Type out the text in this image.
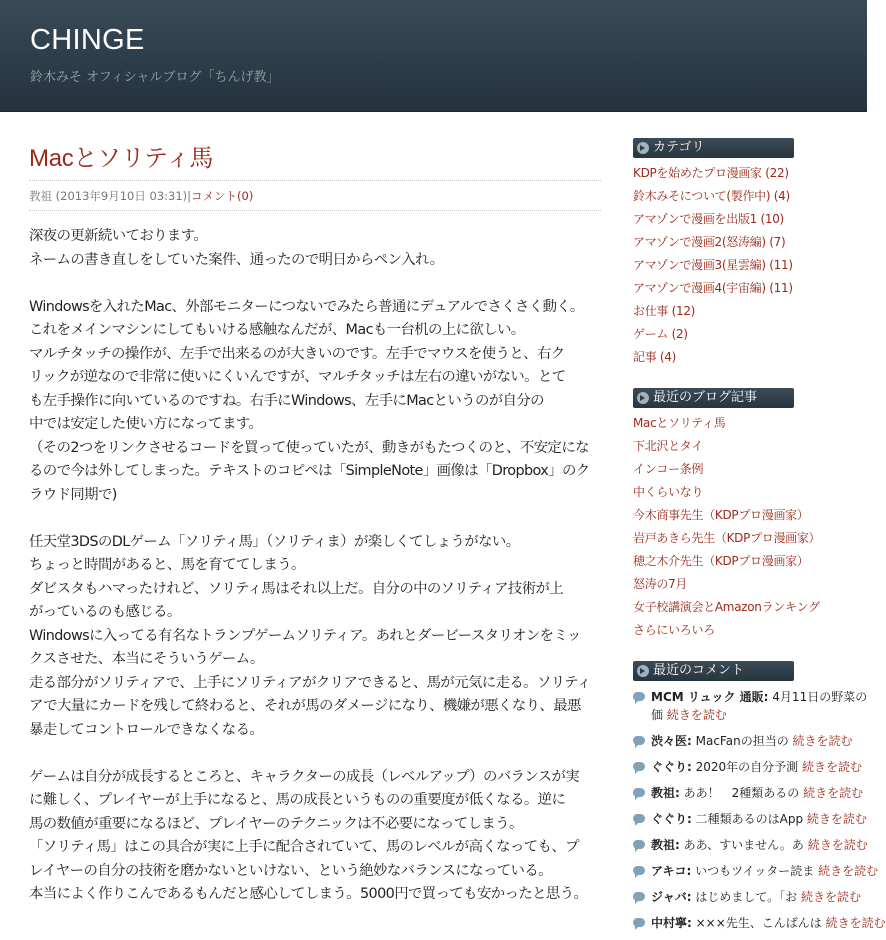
CHINGE
鈴木みそ オフィシャルブログ「ちんげ教」
Macとソリティ馬
教祖 (2013年9月10日 03:31)|コメント(0)
深夜の更新続いております。
ネームの書き直しをしていた案件、通ったので明日からペン入れ。
Windowsを入れたMac、外部モニターにつないでみたら普通にデュアルでさくさく動く。
これをメインマシンにしてもいける感触なんだが、Macも一台机の上に欲しい。
マルチタッチの操作が、左手で出来るのが大きいのです。左手でマウスを使うと、右ク
リックが逆なので非常に使いにくいんですが、マルチタッチは左右の違いがない。とて
も左手操作に向いているのですね。右手にWindows、左手にMacというのが自分の
中では安定した使い方になってます。
（その2つをリンクさせるコードを買って使っていたが、動きがもたつくのと、不安定にな
るので今は外してしまった。テキストのコピペは「SimpleNote」画像は「Dropbox」のク
ラウド同期で)
任天堂3DSのDLゲーム「ソリティ馬」（ソリティま）が楽しくてしょうがない。
ちょっと時間があると、馬を育ててしまう。
ダビスタもハマったけれど、ソリティ馬はそれ以上だ。自分の中のソリティア技術が上
がっているのも感じる。
Windowsに入ってる有名なトランプゲームソリティア。あれとダービースタリオンをミッ
クスさせた、本当にそういうゲーム。
走る部分がソリティアで、上手にソリティアがクリアできると、馬が元気に走る。ソリティ
アで大量にカードを残して終わると、それが馬のダメージになり、機嫌が悪くなり、最悪
暴走してコントロールできなくなる。
ゲームは自分が成長するところと、キャラクターの成長（レベルアップ）のバランスが実
に難しく、プレイヤーが上手になると、馬の成長というものの重要度が低くなる。逆に
馬の数値が重要になるほど、プレイヤーのテクニックは不必要になってしまう。
「ソリティ馬」はこの具合が実に上手に配合されていて、馬のレベルが高くなっても、プ
レイヤーの自分の技術を磨かないといけない、という絶妙なバランスになっている。
本当によく作りこんであるもんだと感心してしまう。5000円で買っても安かったと思う。
カテゴリ
KDPを始めたプロ漫画家 (22)
鈴木みそについて(製作中) (4)
アマゾンで漫画を出版1 (10)
アマゾンで漫画2(怒涛編) (7)
アマゾンで漫画3(星雲編) (11)
アマゾンで漫画4(宇宙編) (11)
お仕事 (12)
ゲーム (2)
記事 (4)
最近のブログ記事
Macとソリティ馬
下北沢とタイ
インコー条例
中くらいなり
今木商事先生（KDPプロ漫画家）
岩戸あきら先生（KDPプロ漫画家）
穂之木介先生（KDPプロ漫画家）
怒涛の7月
女子校講演会とAmazonランキング
さらにいろいろ
最近のコメント
MCM リュック 通販: 4月11日の野菜の
価 続きを読む
渋々医: MacFanの担当の 続きを読む
ぐぐり: 2020年の自分予測 続きを読む
教祖: ああ！　2種類あるの 続きを読む
ぐぐり: 二種類あるのはApp 続きを読む
教祖: ああ、すいません。あ 続きを読む
アキコ: いつもツイッター読ま 続きを読む
ジャバ: はじめまして。「お 続きを読む
中村寧: ×××先生、こんばんは 続きを読む
